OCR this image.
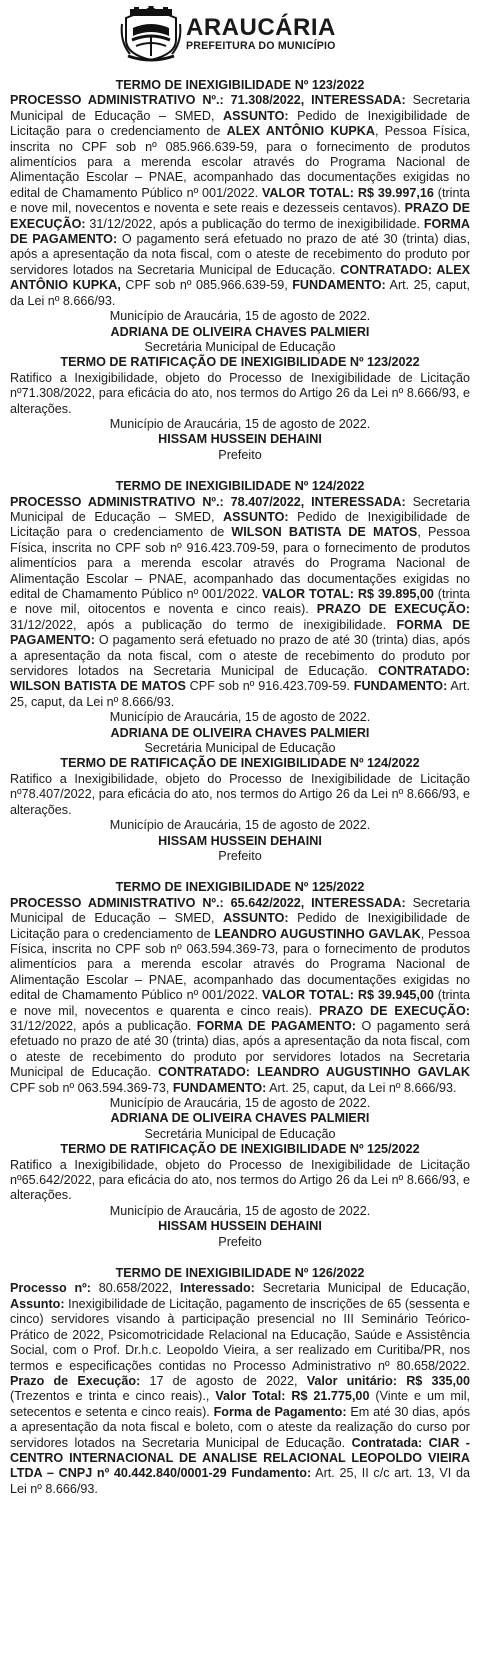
ARAUCÁRIA
PREFEITURA DO MUNICÍPIO
TERMO DE INEXIGIBILIDADE Nº 123/2022

PROCESSO ADMINISTRATIVO Nº.: 71.308/2022, INTERESSADA: Secretaria Municipal de Educação – SMED, ASSUNTO: Pedido de Inexigibilidade de Licitação para o credenciamento de ALEX ANTÔNIO KUPKA, Pessoa Física, inscrita no CPF sob nº 085.966.639-59, para o fornecimento de produtos alimentícios para a merenda escolar através do Programa Nacional de Alimentação Escolar – PNAE, acompanhado das documentações exigidas no edital de Chamamento Público nº 001/2022. VALOR TOTAL: R$ 39.997,16 (trinta e nove mil, novecentos e noventa e sete reais e dezesseis centavos). PRAZO DE EXECUÇÃO: 31/12/2022, após a publicação do termo de inexigibilidade. FORMA DE PAGAMENTO: O pagamento será efetuado no prazo de até 30 (trinta) dias, após a apresentação da nota fiscal, com o ateste de recebimento do produto por servidores lotados na Secretaria Municipal de Educação. CONTRATADO: ALEX ANTÔNIO KUPKA, CPF sob nº 085.966.639-59, FUNDAMENTO: Art. 25, caput, da Lei nº 8.666/93.

Município de Araucária, 15 de agosto de 2022.
ADRIANA DE OLIVEIRA CHAVES PALMIERI
Secretária Municipal de Educação
TERMO DE RATIFICAÇÃO DE INEXIGIBILIDADE Nº 123/2022

Ratifico a Inexigibilidade, objeto do Processo de Inexigibilidade de Licitação nº71.308/2022, para eficácia do ato, nos termos do Artigo 26 da Lei nº 8.666/93, e alterações.

Município de Araucária, 15 de agosto de 2022.
HISSAM HUSSEIN DEHAINI
Prefeito
TERMO DE INEXIGIBILIDADE Nº 124/2022

PROCESSO ADMINISTRATIVO Nº.: 78.407/2022, INTERESSADA: Secretaria Municipal de Educação – SMED, ASSUNTO: Pedido de Inexigibilidade de Licitação para o credenciamento de WILSON BATISTA DE MATOS, Pessoa Física, inscrita no CPF sob nº 916.423.709-59, para o fornecimento de produtos alimentícios para a merenda escolar através do Programa Nacional de Alimentação Escolar – PNAE, acompanhado das documentações exigidas no edital de Chamamento Público nº 001/2022. VALOR TOTAL: R$ 39.895,00 (trinta e nove mil, oitocentos e noventa e cinco reais). PRAZO DE EXECUÇÃO: 31/12/2022, após a publicação do termo de inexigibilidade. FORMA DE PAGAMENTO: O pagamento será efetuado no prazo de até 30 (trinta) dias, após a apresentação da nota fiscal, com o ateste de recebimento do produto por servidores lotados na Secretaria Municipal de Educação. CONTRATADO: WILSON BATISTA DE MATOS CPF sob nº 916.423.709-59. FUNDAMENTO: Art. 25, caput, da Lei nº 8.666/93.

Município de Araucária, 15 de agosto de 2022.
ADRIANA DE OLIVEIRA CHAVES PALMIERI
Secretária Municipal de Educação
TERMO DE RATIFICAÇÃO DE INEXIGIBILIDADE Nº 124/2022

Ratifico a Inexigibilidade, objeto do Processo de Inexigibilidade de Licitação nº78.407/2022, para eficácia do ato, nos termos do Artigo 26 da Lei nº 8.666/93, e alterações.

Município de Araucária, 15 de agosto de 2022.
HISSAM HUSSEIN DEHAINI
Prefeito
TERMO DE INEXIGIBILIDADE Nº 125/2022

PROCESSO ADMINISTRATIVO Nº.: 65.642/2022, INTERESSADA: Secretaria Municipal de Educação – SMED, ASSUNTO: Pedido de Inexigibilidade de Licitação para o credenciamento de LEANDRO AUGUSTINHO GAVLAK, Pessoa Física, inscrita no CPF sob nº 063.594.369-73, para o fornecimento de produtos alimentícios para a merenda escolar através do Programa Nacional de Alimentação Escolar – PNAE, acompanhado das documentações exigidas no edital de Chamamento Público nº 001/2022. VALOR TOTAL: R$ 39.945,00 (trinta e nove mil, novecentos e quarenta e cinco reais). PRAZO DE EXECUÇÃO: 31/12/2022, após a publicação. FORMA DE PAGAMENTO: O pagamento será efetuado no prazo de até 30 (trinta) dias, após a apresentação da nota fiscal, com o ateste de recebimento do produto por servidores lotados na Secretaria Municipal de Educação. CONTRATADO: LEANDRO AUGUSTINHO GAVLAK CPF sob nº 063.594.369-73, FUNDAMENTO: Art. 25, caput, da Lei nº 8.666/93.

Município de Araucária, 15 de agosto de 2022.
ADRIANA DE OLIVEIRA CHAVES PALMIERI
Secretária Municipal de Educação
TERMO DE RATIFICAÇÃO DE INEXIGIBILIDADE Nº 125/2022

Ratifico a Inexigibilidade, objeto do Processo de Inexigibilidade de Licitação nº65.642/2022, para eficácia do ato, nos termos do Artigo 26 da Lei nº 8.666/93, e alterações.

Município de Araucária, 15 de agosto de 2022.
HISSAM HUSSEIN DEHAINI
Prefeito
TERMO DE INEXIGIBILIDADE Nº 126/2022

Processo nº: 80.658/2022, Interessado: Secretaria Municipal de Educação, Assunto: Inexigibilidade de Licitação, pagamento de inscrições de 65 (sessenta e cinco) servidores visando à participação presencial no III Seminário Teórico-Prático de 2022, Psicomotricidade Relacional na Educação, Saúde e Assistência Social, com o Prof. Dr.h.c. Leopoldo Vieira, a ser realizado em Curitiba/PR, nos termos e especificações contidas no Processo Administrativo nº 80.658/2022. Prazo de Execução: 17 de agosto de 2022, Valor unitário: R$ 335,00 (Trezentos e trinta e cinco reais)., Valor Total: R$ 21.775,00 (Vinte e um mil, setecentos e setenta e cinco reais). Forma de Pagamento: Em até 30 dias, após a apresentação da nota fiscal e boleto, com o ateste da realização do curso por servidores lotados na Secretaria Municipal de Educação. Contratada: CIAR - CENTRO INTERNACIONAL DE ANALISE RELACIONAL LEOPOLDO VIEIRA LTDA – CNPJ nº 40.442.840/0001-29 Fundamento: Art. 25, II c/c art. 13, VI da Lei nº 8.666/93.
